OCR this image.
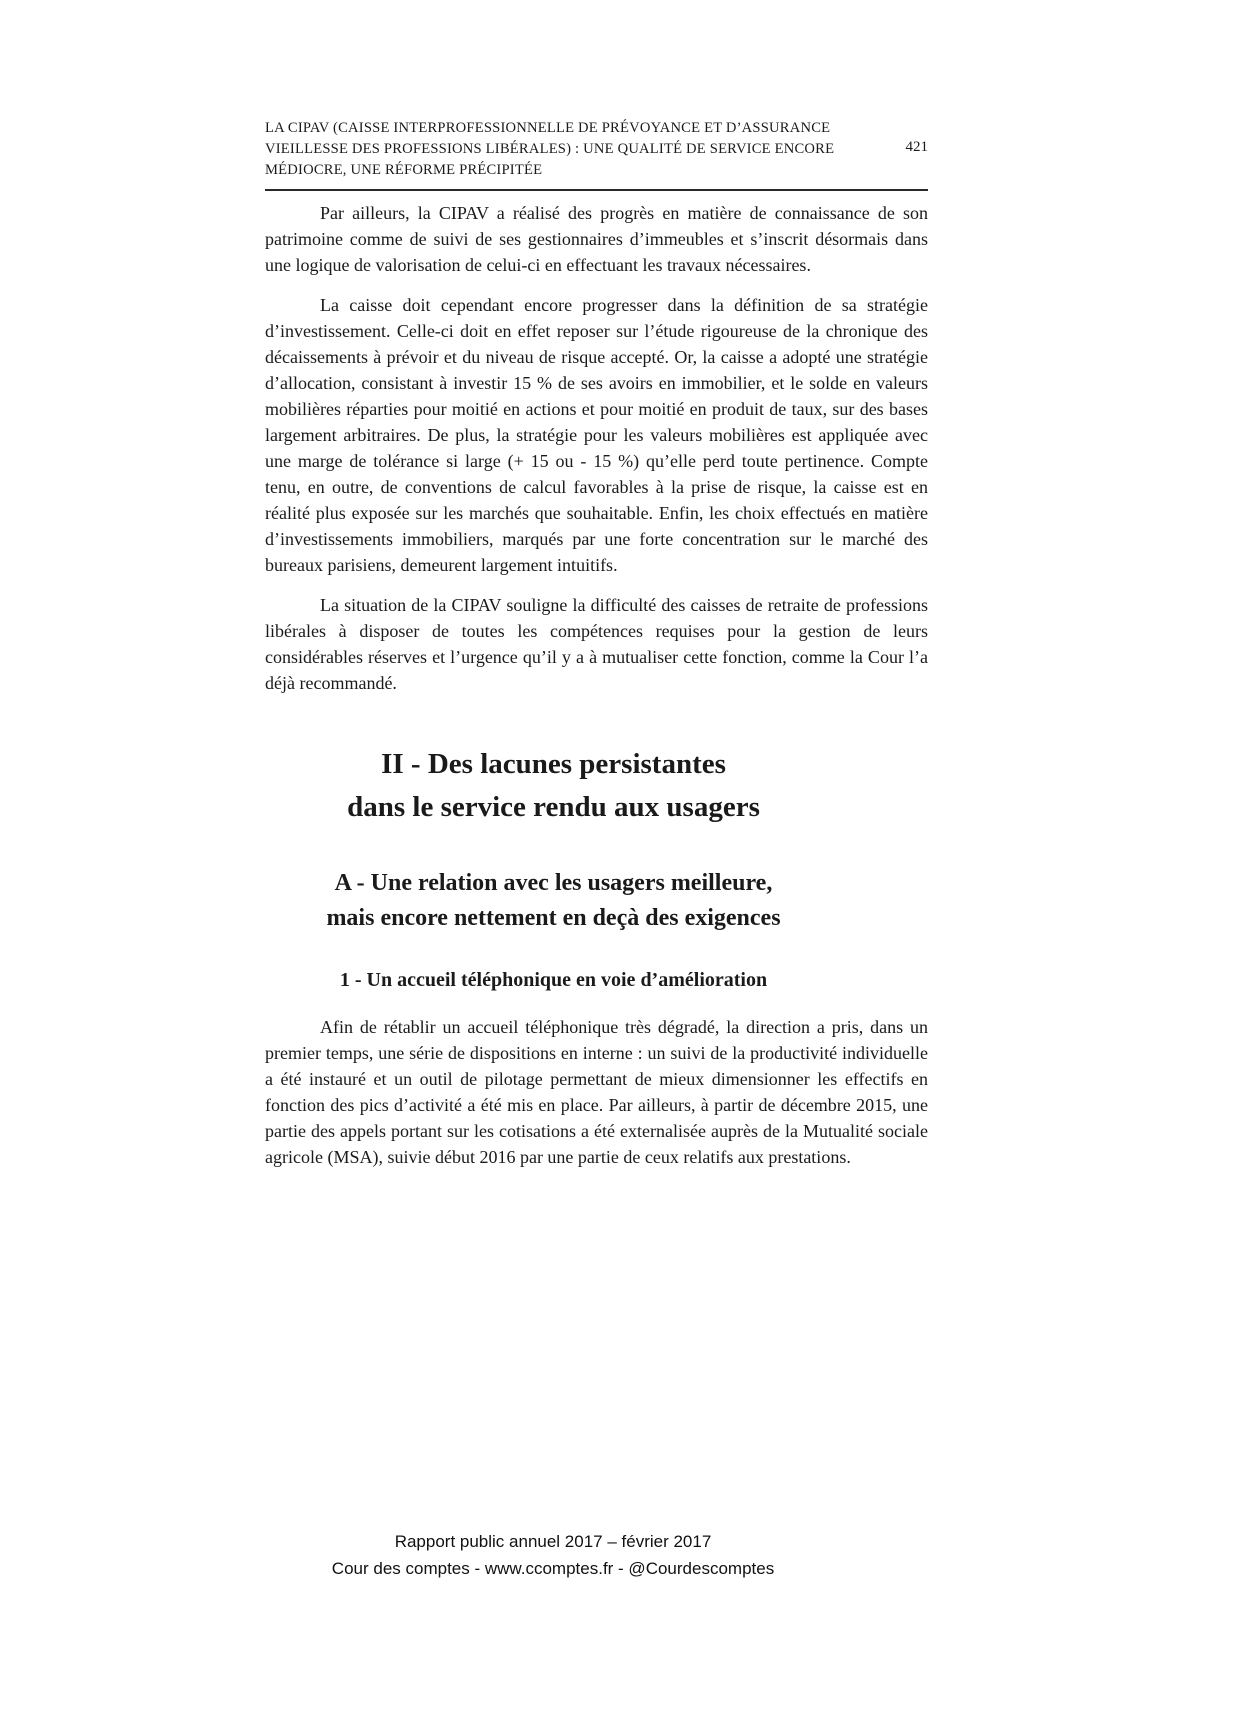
LA CIPAV (CAISSE INTERPROFESSIONNELLE DE PRÉVOYANCE ET D’ASSURANCE VIEILLESSE DES PROFESSIONS LIBÉRALES) : UNE QUALITÉ DE SERVICE ENCORE MÉDIOCRE, UNE RÉFORME PRÉCIPITÉE
421

Par ailleurs, la CIPAV a réalisé des progrès en matière de connaissance de son patrimoine comme de suivi de ses gestionnaires d’immeubles et s’inscrit désormais dans une logique de valorisation de celui-ci en effectuant les travaux nécessaires.

La caisse doit cependant encore progresser dans la définition de sa stratégie d’investissement. Celle-ci doit en effet reposer sur l’étude rigoureuse de la chronique des décaissements à prévoir et du niveau de risque accepté. Or, la caisse a adopté une stratégie d’allocation, consistant à investir 15 % de ses avoirs en immobilier, et le solde en valeurs mobilières réparties pour moitié en actions et pour moitié en produit de taux, sur des bases largement arbitraires. De plus, la stratégie pour les valeurs mobilières est appliquée avec une marge de tolérance si large (+ 15 ou - 15 %) qu’elle perd toute pertinence. Compte tenu, en outre, de conventions de calcul favorables à la prise de risque, la caisse est en réalité plus exposée sur les marchés que souhaitable. Enfin, les choix effectués en matière d’investissements immobiliers, marqués par une forte concentration sur le marché des bureaux parisiens, demeurent largement intuitifs.

La situation de la CIPAV souligne la difficulté des caisses de retraite de professions libérales à disposer de toutes les compétences requises pour la gestion de leurs considérables réserves et l’urgence qu’il y a à mutualiser cette fonction, comme la Cour l’a déjà recommandé.

II - Des lacunes persistantes
dans le service rendu aux usagers
A - Une relation avec les usagers meilleure,
mais encore nettement en deçà des exigences
1 - Un accueil téléphonique en voie d’amélioration

Afin de rétablir un accueil téléphonique très dégradé, la direction a pris, dans un premier temps, une série de dispositions en interne : un suivi de la productivité individuelle a été instauré et un outil de pilotage permettant de mieux dimensionner les effectifs en fonction des pics d’activité a été mis en place. Par ailleurs, à partir de décembre 2015, une partie des appels portant sur les cotisations a été externalisée auprès de la Mutualité sociale agricole (MSA), suivie début 2016 par une partie de ceux relatifs aux prestations.

Rapport public annuel 2017 – février 2017
Cour des comptes - www.ccomptes.fr - @Courdescomptes
